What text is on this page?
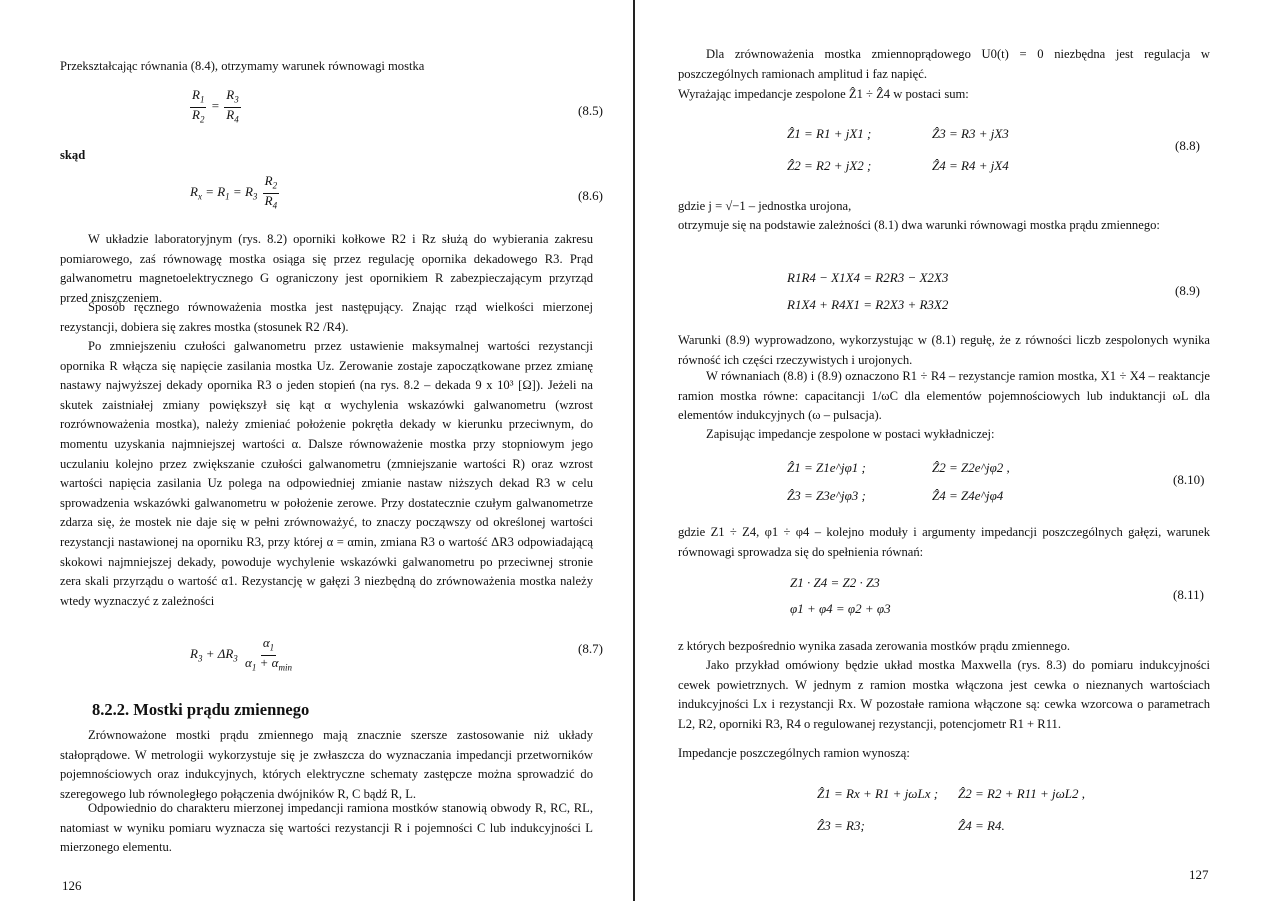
Przekształcając równania (8.4), otrzymamy warunek równowagi mostka
$\frac{R_1}{R_2} = \frac{R_3}{R_4}$	(8.5)
skąd
$R_x = R_1 = R_3 \frac{R_2}{R_4}$	(8.6)
W układzie laboratoryjnym (rys. 8.2) oporniki kołkowe R2 i Rz służą do wybierania zakresu pomiarowego, zaś równowagę mostka osiąga się przez regulację opornika dekadowego R3. Prąd galwanometru magnetoelektrycznego G ograniczony jest opornikiem R zabezpieczającym przyrząd przed zniszczeniem.
Sposób ręcznego równoważenia mostka jest następujący. Znając rząd wielkości mierzonej rezystancji, dobiera się zakres mostka (stosunek R2 /R4).
Po zmniejszeniu czułości galwanometru przez ustawienie maksymalnej wartości rezystancji opornika R włącza się napięcie zasilania mostka Uz. Zerowanie zostaje zapoczątkowane przez zmianę nastawy najwyższej dekady opornika R3 o jeden stopień (na rys. 8.2 – dekada 9 x 10³ [Ω]). Jeżeli na skutek zaistniałej zmiany powiększył się kąt α wychylenia wskazówki galwanometru (wzrost rozrównoważenia mostka), należy zmieniać położenie pokrętła dekady w kierunku przeciwnym, do momentu uzyskania najmniejszej wartości α. Dalsze równoważenie mostka przy stopniowym jego uczulaniu kolejno przez zwiększanie czułości galwanometru (zmniejszanie wartości R) oraz wzrost wartości napięcia zasilania Uz polega na odpowiedniej zmianie nastaw niższych dekad R3 w celu sprowadzenia wskazówki galwanometru w położenie zerowe. Przy dostatecznie czułym galwanometrze zdarza się, że mostek nie daje się w pełni zrównoważyć, to znaczy począwszy od określonej wartości rezystancji nastawionej na oporniku R3, przy której α = αmin, zmiana R3 o wartość ΔR3 odpowiadającą skokowi najmniejszej dekady, powoduje wychylenie wskazówki galwanometru po przeciwnej stronie zera skali przyrządu o wartość α1. Rezystancję w gałęzi 3 niezbędną do zrównoważenia mostka należy wtedy wyznaczyć z zależności
$R_3 + \Delta R_3 \frac{\alpha_1}{\alpha_1 + \alpha_{min}}$	(8.7)
8.2.2. Mostki prądu zmiennego
Zrównoważone mostki prądu zmiennego mają znacznie szersze zastosowanie niż układy stałoprądowe. W metrologii wykorzystuje się je zwłaszcza do wyznaczania impedancji przetworników pojemnościowych oraz indukcyjnych, których elektryczne schematy zastępcze można sprowadzić do szeregowego lub równoległego połączenia dwójników R, C bądź R, L.
Odpowiednio do charakteru mierzonej impedancji ramiona mostków stanowią obwody R, RC, RL, natomiast w wyniku pomiaru wyznacza się wartości rezystancji R i pojemności C lub indukcyjności L mierzonego elementu.
126
Dla zrównoważenia mostka zmiennoprądowego U0(t) = 0 niezbędna jest regulacja w poszczególnych ramionach amplitud i faz napięć.
Wyrażając impedancje zespolone Ẑ1 ÷ Ẑ4 w postaci sum:
Ẑ1 = R1 + jX1 ;	Ẑ3 = R3 + jX3
Ẑ2 = R2 + jX2 ;	Ẑ4 = R4 + jX4
(8.8)
gdzie j = √−1 – jednostka urojona,
otrzymuje się na podstawie zależności (8.1) dwa warunki równowagi mostka prądu zmiennego:
R1R4 − X1X4 = R2R3 − X2X3
R1X4 + R4X1 = R2X3 + R3X2
(8.9)
Warunki (8.9) wyprowadzono, wykorzystując w (8.1) regułę, że z równości liczb zespolonych wynika równość ich części rzeczywistych i urojonych.
W równaniach (8.8) i (8.9) oznaczono R1 ÷ R4 – rezystancje ramion mostka, X1 ÷ X4 – reaktancje ramion mostka równe: capacitancji 1/ωC dla elementów pojemnościowych lub induktancji ωL dla elementów indukcyjnych (ω – pulsacja).
Zapisując impedancje zespolone w postaci wykładniczej:
Ẑ1 = Z1e^jφ1 ;	Ẑ2 = Z2e^jφ2 ,
Ẑ3 = Z3e^jφ3 ;	Ẑ4 = Z4e^jφ4
(8.10)
gdzie Z1 ÷ Z4, φ1 ÷ φ4 – kolejno moduły i argumenty impedancji poszczególnych gałęzi, warunek równowagi sprowadza się do spełnienia równań:
Z1 · Z4 = Z2 · Z3
φ1 + φ4 = φ2 + φ3
(8.11)
z których bezpośrednio wynika zasada zerowania mostków prądu zmiennego.
Jako przykład omówiony będzie układ mostka Maxwella (rys. 8.3) do pomiaru indukcyjności cewek powietrznych. W jednym z ramion mostka włączona jest cewka o nieznanych wartościach indukcyjności Lx i rezystancji Rx. W pozostałe ramiona włączone są: cewka wzorcowa o parametrach L2, R2, oporniki R3, R4 o regulowanej rezystancji, potencjometr R1 + R11.
Impedancje poszczególnych ramion wynoszą:
Ẑ1 = Rx + R1 + jωLx ; Ẑ2 = R2 + R11 + jωL2 ,
Ẑ3 = R3;	Ẑ4 = R4.
127
